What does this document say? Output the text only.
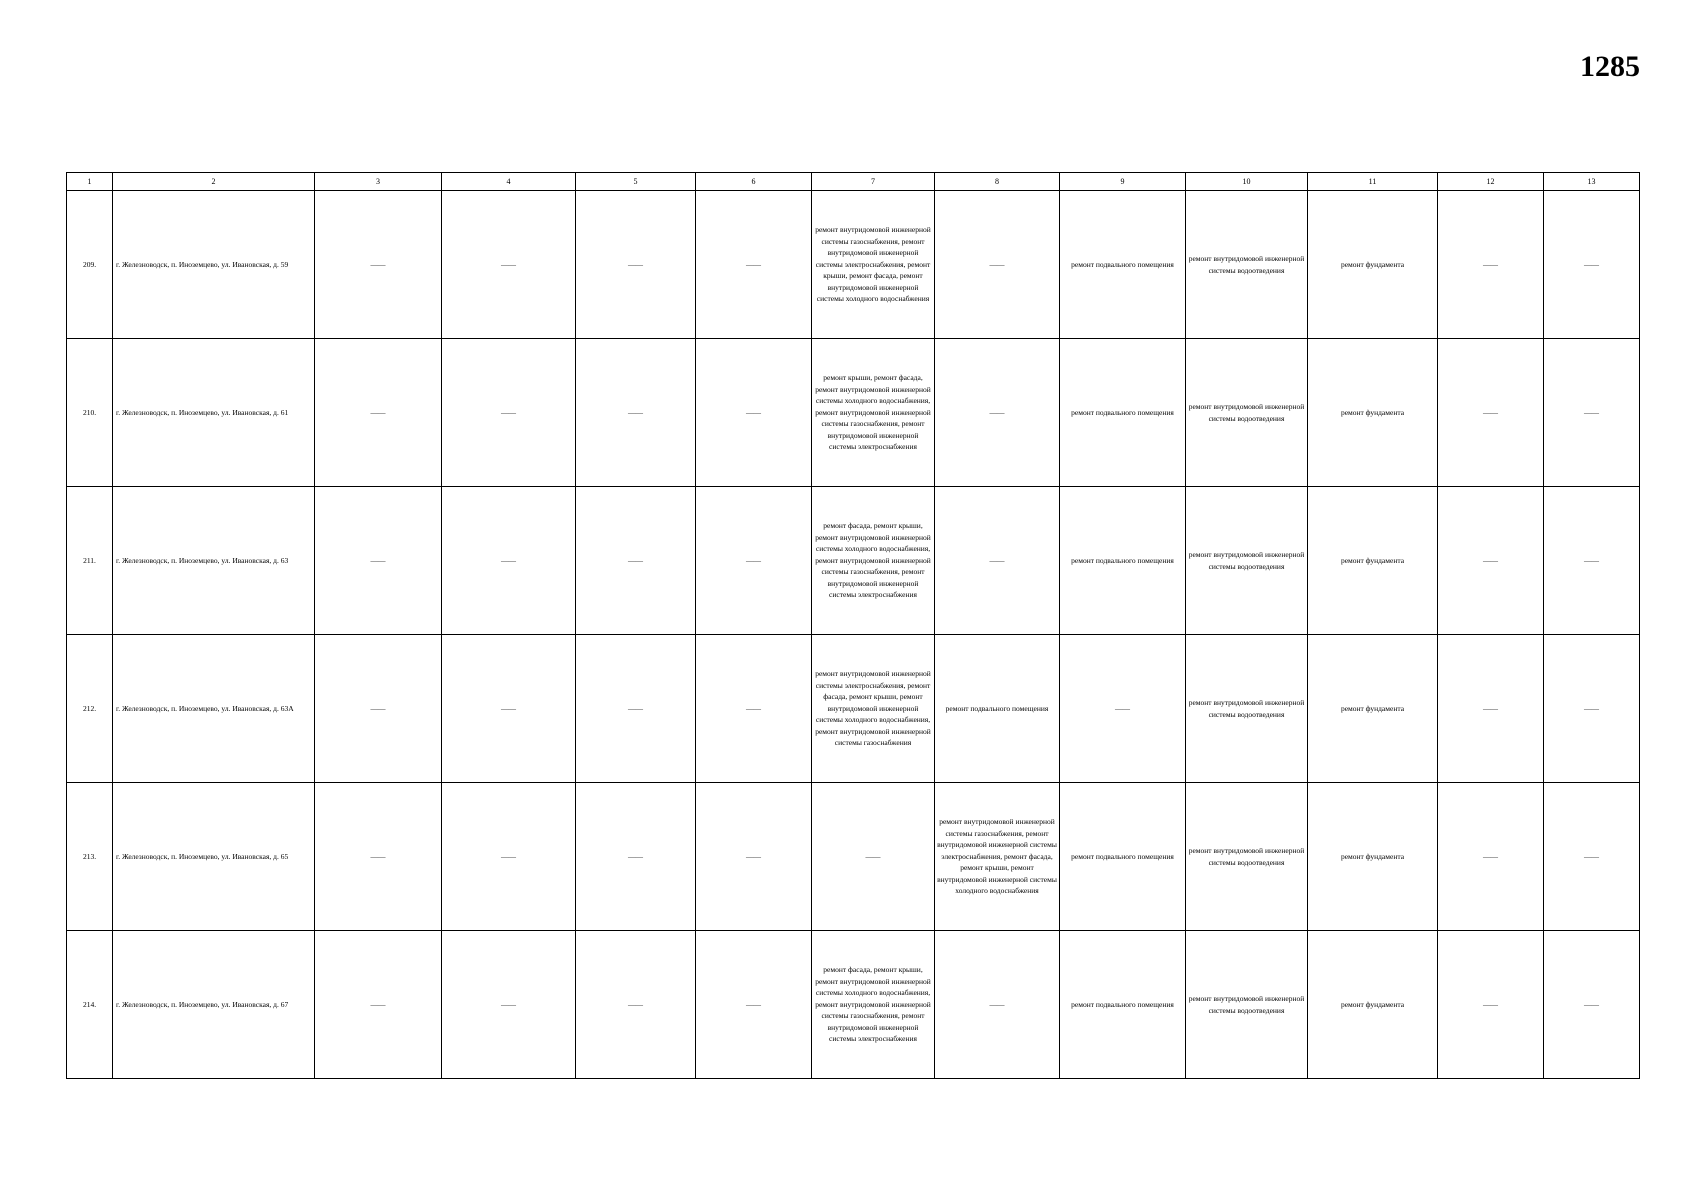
1285
1	2	3	4	5	6	7	8	9	10	11	12	13
209.	г. Железноводск, п. Иноземцево, ул. Ивановская, д. 59	——	——	——	——	ремонт внутридомовой инженерной системы газоснабжения, ремонт внутридомовой инженерной системы электроснабжения, ремонт крыши, ремонт фасада, ремонт внутридомовой инженерной системы холодного водоснабжения	——	ремонт подвального помещения	ремонт внутридомовой инженерной системы водоотведения	ремонт фундамента	——	——
210.	г. Железноводск, п. Иноземцево, ул. Ивановская, д. 61	——	——	——	——	ремонт крыши, ремонт фасада, ремонт внутридомовой инженерной системы холодного водоснабжения, ремонт внутридомовой инженерной системы газоснабжения, ремонт внутридомовой инженерной системы электроснабжения	——	ремонт подвального помещения	ремонт внутридомовой инженерной системы водоотведения	ремонт фундамента	——	——
211.	г. Железноводск, п. Иноземцево, ул. Ивановская, д. 63	——	——	——	——	ремонт фасада, ремонт крыши, ремонт внутридомовой инженерной системы холодного водоснабжения, ремонт внутридомовой инженерной системы газоснабжения, ремонт внутридомовой инженерной системы электроснабжения	——	ремонт подвального помещения	ремонт внутридомовой инженерной системы водоотведения	ремонт фундамента	——	——
212.	г. Железноводск, п. Иноземцево, ул. Ивановская, д. 63А	——	——	——	——	ремонт внутридомовой инженерной системы электроснабжения, ремонт фасада, ремонт крыши, ремонт внутридомовой инженерной системы холодного водоснабжения, ремонт внутридомовой инженерной системы газоснабжения	ремонт подвального помещения	——	ремонт внутридомовой инженерной системы водоотведения	ремонт фундамента	——	——
213.	г. Железноводск, п. Иноземцево, ул. Ивановская, д. 65	——	——	——	——	——	ремонт внутридомовой инженерной системы газоснабжения, ремонт внутридомовой инженерной системы электроснабжения, ремонт фасада, ремонт крыши, ремонт внутридомовой инженерной системы холодного водоснабжения	ремонт подвального помещения	ремонт внутридомовой инженерной системы водоотведения	ремонт фундамента	——	——
214.	г. Железноводск, п. Иноземцево, ул. Ивановская, д. 67	——	——	——	——	ремонт фасада, ремонт крыши, ремонт внутридомовой инженерной системы холодного водоснабжения, ремонт внутридомовой инженерной системы газоснабжения, ремонт внутридомовой инженерной системы электроснабжения	——	ремонт подвального помещения	ремонт внутридомовой инженерной системы водоотведения	ремонт фундамента	——	——
